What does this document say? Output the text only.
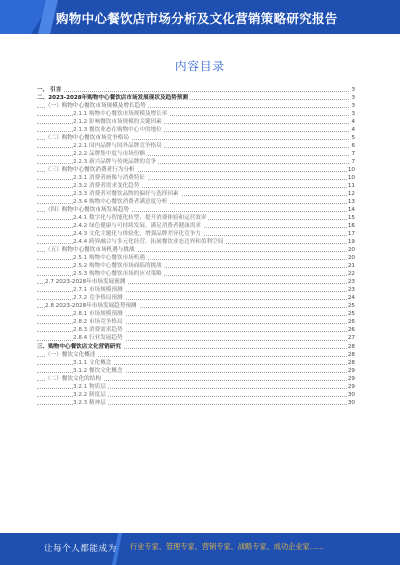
购物中心餐饮店市场分析及文化营销策略研究报告
内容目录
一、 引言	3
二、2023-2028年购物中心餐饮店市场发展现状及趋势预测	3
（一）购物中心餐饮市场规模及增长趋势	3
2.1.1 购物中心餐饮市场规模及增长率	3
2.1.2 影响餐饮市场规模的关键因素	4
2.1.3 餐饮业态在购物中心中的地位	4
（二）购物中心餐饮市场竞争格局	5
2.2.1 国内品牌与国外品牌竞争格局	6
2.2.2 品牌集中度与市场份额	7
2.2.3 新兴品牌与传统品牌的竞争	7
（三）购物中心餐饮消费者行为分析	10
2.3.1 消费者画像与消费特征	10
2.3.2 消费者需求变化趋势	11
2.3.3 消费者对餐饮品牌的偏好与选择因素	12
2.3.4 购物中心餐饮消费者满意度分析	13
（四）购物中心餐饮市场发展趋势	14
2.4.1 数字化与智能化转型，提升消费体验和运营效率	15
2.4.2 绿色健康与可持续发展，满足消费者健康需求	16
2.4.3 文化主题化与体验化，增强品牌差异化竞争力	17
2.4.4 跨界融合与多元化经营，拓展餐饮业态边界和盈利空间	19
（五）购物中心餐饮市场机遇与挑战	20
2.5.1 购物中心餐饮市场机遇	20
2.5.2 购物中心餐饮市场面临的挑战	21
2.5.3 购物中心餐饮市场的应对策略	22
2.7 2023-2028年市场发展预测	23
2.7.1 市场规模预测	23
2.7.2 竞争格局预测	24
2.8 2023-2028年市场发展趋势预测	25
2.8.1 市场规模预测	25
2.8.2 市场竞争格局	26
2.8.3 消费需求趋势	26
2.8.4 行业发展趋势	27
三、购物中心餐饮店文化营销研究	28
（一）餐饮文化概述	28
3.1.1 文化概念	28
3.1.2 餐饮文化概念	29
（二）餐饮文化的结构	29
3.2.1 物质层	29
3.2.2 制度层	30
3.2.3 精神层	30
让每个人都能成为 行业专家、管理专家、营销专家、战略专家、成功企业家……
